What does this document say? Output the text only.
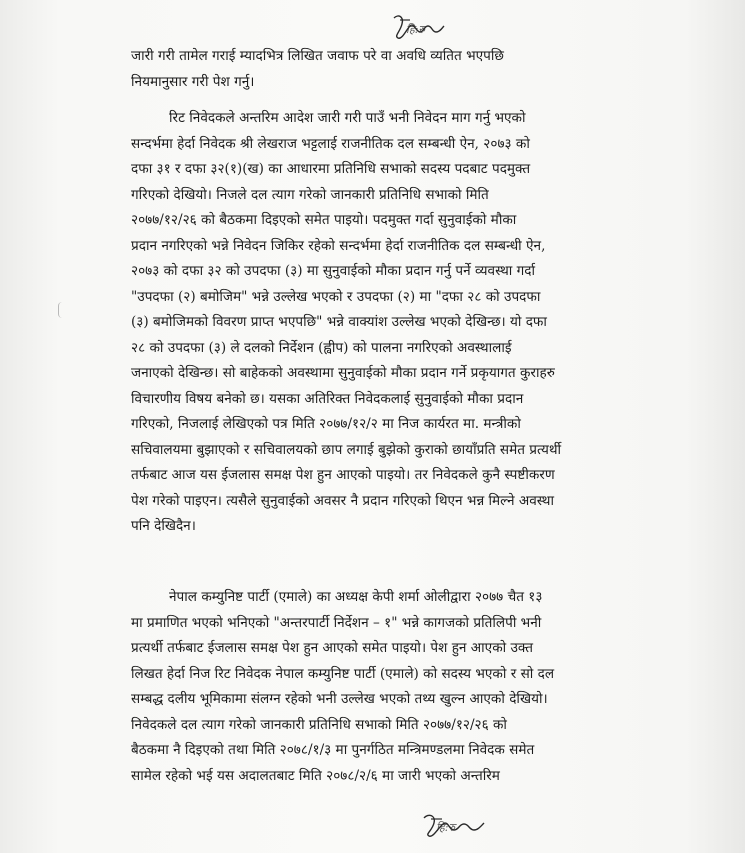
हि:रु
जारी गरी तामेल गराई म्यादभित्र लिखित जवाफ परे वा अवधि व्यतित भएपछि
नियमानुसार गरी पेश गर्नु।
रिट निवेदकले अन्तरिम आदेश जारी गरी पाउँ भनी निवेदन माग गर्नु भएको
सन्दर्भमा हेर्दा निवेदक श्री लेखराज भट्टलाई राजनीतिक दल सम्बन्धी ऐन, २०७३ को
दफा ३१ र दफा ३२(१)(ख) का आधारमा प्रतिनिधि सभाको सदस्य पदबाट पदमुक्त
गरिएको देखियो। निजले दल त्याग गरेको जानकारी प्रतिनिधि सभाको मिति
२०७७/१२/२६ को बैठकमा दिइएको समेत पाइयो। पदमुक्त गर्दा सुनुवाईको मौका
प्रदान नगरिएको भन्ने निवेदन जिकिर रहेको सन्दर्भमा हेर्दा राजनीतिक दल सम्बन्धी ऐन,
२०७३ को दफा ३२ को उपदफा (३) मा सुनुवाईको मौका प्रदान गर्नु पर्ने व्यवस्था गर्दा
"उपदफा (२) बमोजिम" भन्ने उल्लेख भएको र उपदफा (२) मा "दफा २८ को उपदफा
(३) बमोजिमको विवरण प्राप्त भएपछि" भन्ने वाक्यांश उल्लेख भएको देखिन्छ। यो दफा
२८ को उपदफा (३) ले दलको निर्देशन (ह्वीप) को पालना नगरिएको अवस्थालाई
जनाएको देखिन्छ। सो बाहेकको अवस्थामा सुनुवाईको मौका प्रदान गर्ने प्रकृयागत कुराहरु
विचारणीय विषय बनेको छ। यसका अतिरिक्त निवेदकलाई सुनुवाईको मौका प्रदान
गरिएको, निजलाई लेखिएको पत्र मिति २०७७/१२/२ मा निज कार्यरत मा. मन्त्रीको
सचिवालयमा बुझाएको र सचिवालयको छाप लगाई बुझेको कुराको छायाँप्रति समेत प्रत्यर्थी
तर्फबाट आज यस ईजलास समक्ष पेश हुन आएको पाइयो। तर निवेदकले कुनै स्पष्टीकरण
पेश गरेको पाइएन। त्यसैले सुनुवाईको अवसर नै प्रदान गरिएको थिएन भन्न मिल्ने अवस्था
पनि देखिदैन।
नेपाल कम्युनिष्ट पार्टी (एमाले) का अध्यक्ष केपी शर्मा ओलीद्वारा २०७७ चैत १३
मा प्रमाणित भएको भनिएको "अन्तरपार्टी निर्देशन – १" भन्ने कागजको प्रतिलिपी भनी
प्रत्यर्थी तर्फबाट ईजलास समक्ष पेश हुन आएको समेत पाइयो। पेश हुन आएको उक्त
लिखत हेर्दा निज रिट निवेदक नेपाल कम्युनिष्ट पार्टी (एमाले) को सदस्य भएको र सो दल
सम्बद्ध दलीय भूमिकामा संलग्न रहेको भनी उल्लेख भएको तथ्य खुल्न आएको देखियो।
निवेदकले दल त्याग गरेको जानकारी प्रतिनिधि सभाको मिति २०७७/१२/२६ को
बैठकमा नै दिइएको तथा मिति २०७८/१/३ मा पुनर्गठित मन्त्रिमण्डलमा निवेदक समेत
सामेल रहेको भई यस अदालतबाट मिति २०७८/२/६ मा जारी भएको अन्तरिम
हि:रु
